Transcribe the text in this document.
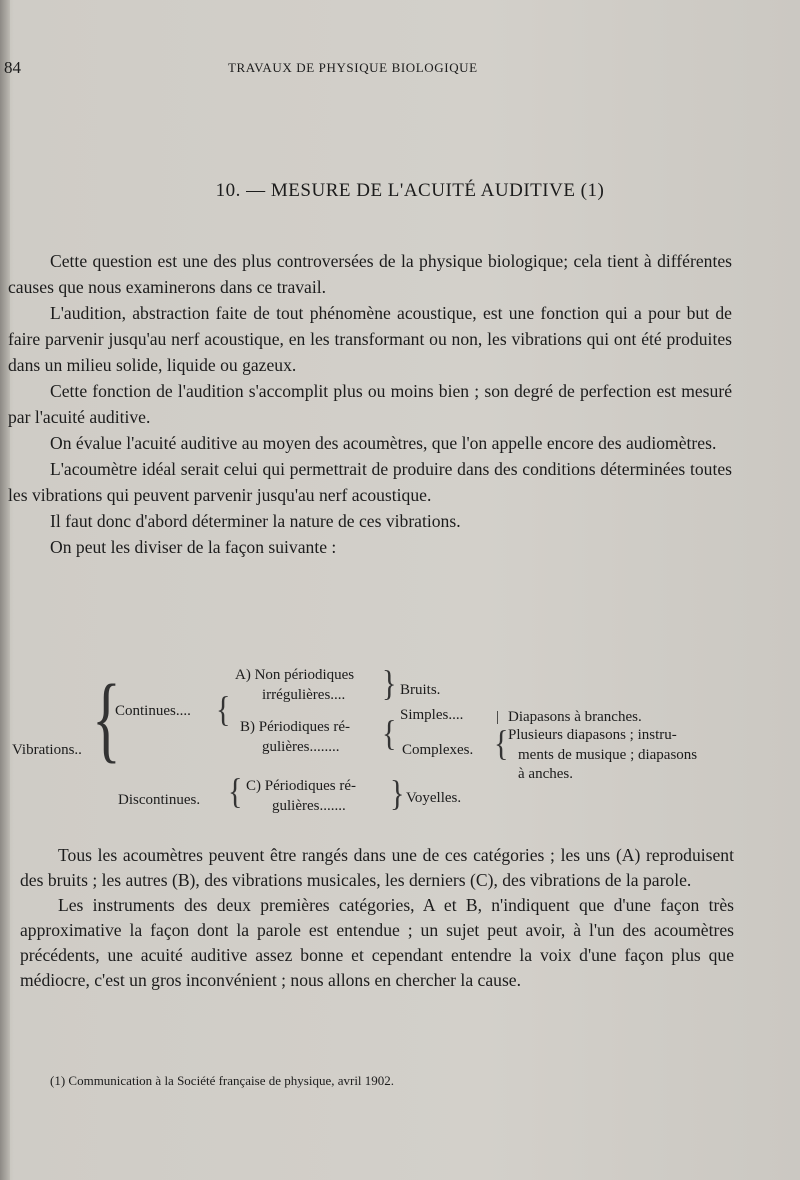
84	TRAVAUX DE PHYSIQUE BIOLOGIQUE
10. — MESURE DE L'ACUITÉ AUDITIVE (1)

Cette question est une des plus controversées de la physique biologique; cela tient à différentes causes que nous examinerons dans ce travail.

L'audition, abstraction faite de tout phénomène acoustique, est une fonction qui a pour but de faire parvenir jusqu'au nerf acoustique, en les transformant ou non, les vibrations qui ont été produites dans un milieu solide, liquide ou gazeux.

Cette fonction de l'audition s'accomplit plus ou moins bien ; son degré de perfection est mesuré par l'acuité auditive.

On évalue l'acuité auditive au moyen des acoumètres, que l'on appelle encore des audiomètres.

L'acoumètre idéal serait celui qui permettrait de produire dans des conditions déterminées toutes les vibrations qui peuvent parvenir jusqu'au nerf acoustique.

Il faut donc d'abord déterminer la nature de ces vibrations.

On peut les diviser de la façon suivante :

Vibrations.. {
Continues.... {
A) Non périodiques
irrégulières.... } Bruits.
B) Périodiques ré-
gulières........ { Simples.... | Diapasons à branches.
Complexes. { Plusieurs diapasons ; instru-
ments de musique ; diapasons
à anches.
Discontinues. { C) Périodiques ré-
gulières....... } Voyelles.

Tous les acoumètres peuvent être rangés dans une de ces catégories ; les uns (A) reproduisent des bruits ; les autres (B), des vibrations musicales, les derniers (C), des vibrations de la parole.

Les instruments des deux premières catégories, A et B, n'indiquent que d'une façon très approximative la façon dont la parole est entendue ; un sujet peut avoir, à l'un des acoumètres précédents, une acuité auditive assez bonne et cependant entendre la voix d'une façon plus que médiocre, c'est un gros inconvénient ; nous allons en chercher la cause.

(1) Communication à la Société française de physique, avril 1902.
